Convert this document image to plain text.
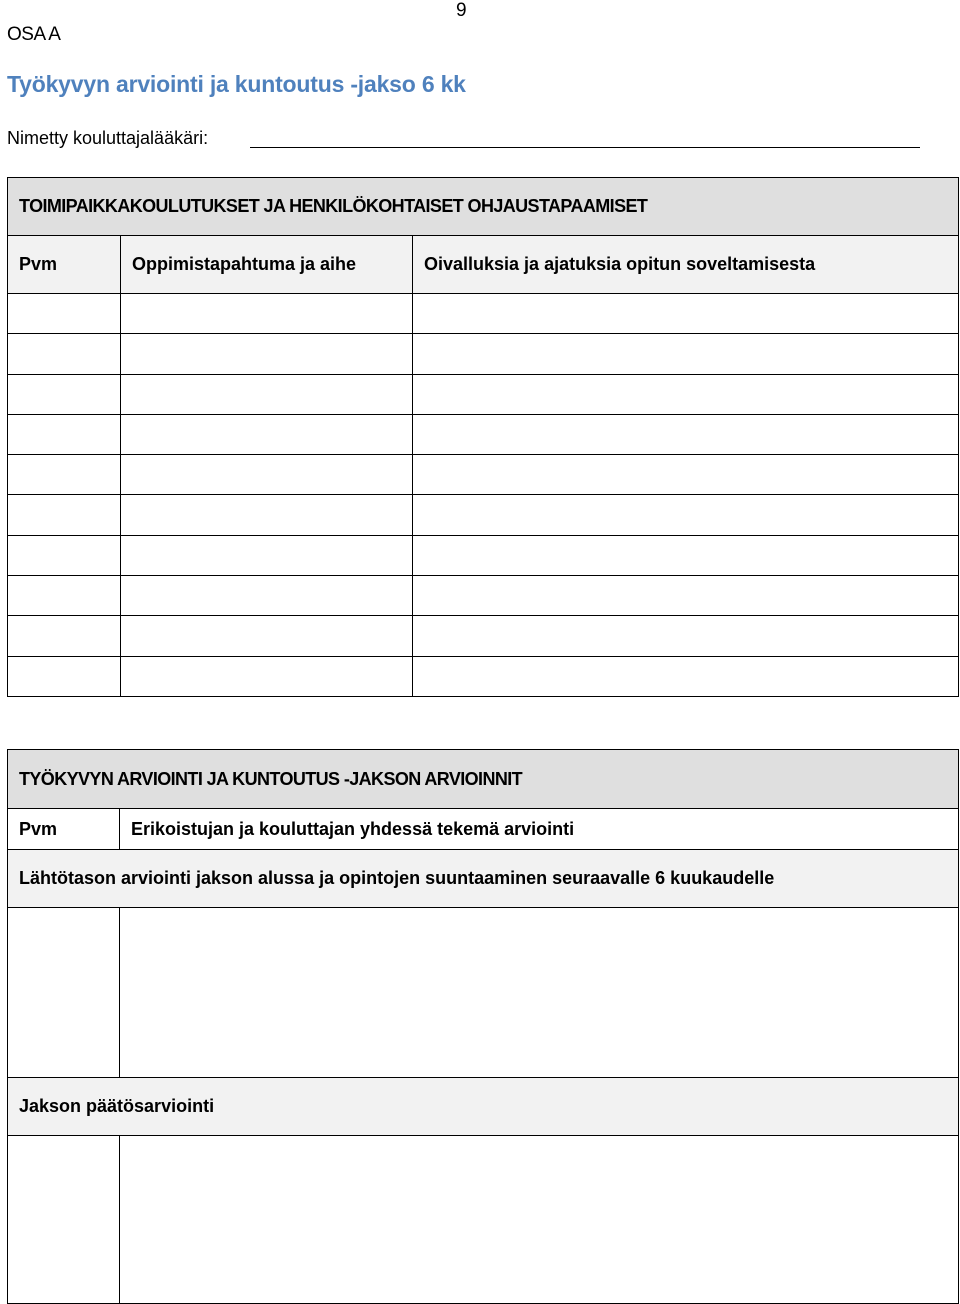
9
OSA A
Työkyvyn arviointi ja kuntoutus -jakso 6 kk
Nimetty kouluttajalääkäri:
TOIMIPAIKKAKOULUTUKSET JA HENKILÖKOHTAISET OHJAUSTAPAAMISET		
Pvm	Oppimistapahtuma ja aihe	Oivalluksia ja ajatuksia opitun soveltamisesta

TYÖKYVYN ARVIOINTI JA KUNTOUTUS -JAKSON ARVIOINNIT	
Pvm	Erikoistujan ja kouluttajan yhdessä tekemä arviointi
Lähtötason arviointi jakson alussa ja opintojen suuntaaminen seuraavalle 6 kuukaudelle	

Jakson päätösarviointi	
